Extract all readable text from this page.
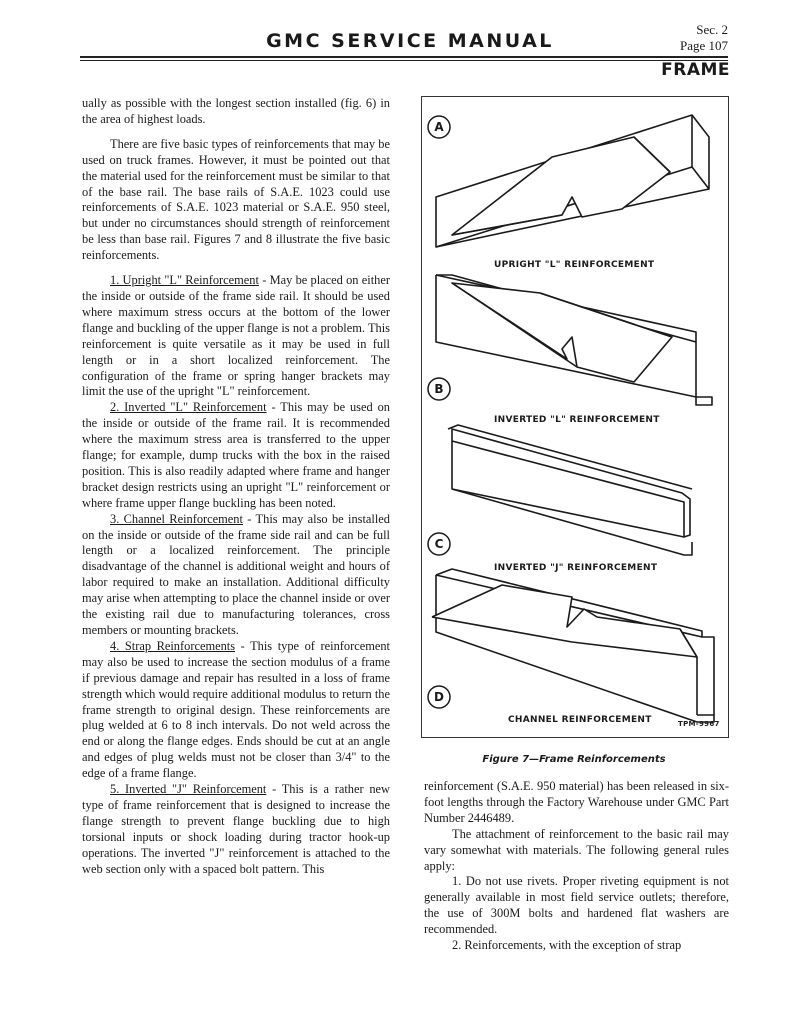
GMC SERVICE MANUAL
Sec. 2
Page 107
FRAME

ually as possible with the longest section installed (fig. 6) in the area of highest loads.

There are five basic types of reinforcements that may be used on truck frames. However, it must be pointed out that the material used for the reinforcement must be similar to that of the base rail. The base rails of S.A.E. 1023 could use reinforcements of S.A.E. 1023 material or S.A.E. 950 steel, but under no circumstances should strength of reinforcement be less than base rail. Figures 7 and 8 illustrate the five basic reinforcements.

1. Upright "L" Reinforcement - May be placed on either the inside or outside of the frame side rail. It should be used where maximum stress occurs at the bottom of the lower flange and buckling of the upper flange is not a problem. This reinforcement is quite versatile as it may be used in full length or in a short localized reinforcement. The configuration of the frame or spring hanger brackets may limit the use of the upright "L" reinforcement.

2. Inverted "L" Reinforcement - This may be used on the inside or outside of the frame rail. It is recommended where the maximum stress area is transferred to the upper flange; for example, dump trucks with the box in the raised position. This is also readily adapted where frame and hanger bracket design restricts using an upright "L" reinforcement or where frame upper flange buckling has been noted.

3. Channel Reinforcement - This may also be installed on the inside or outside of the frame side rail and can be full length or a localized reinforcement. The principle disadvantage of the channel is additional weight and hours of labor required to make an installation. Additional difficulty may arise when attempting to place the channel inside or over the existing rail due to manufacturing tolerances, cross members or mounting brackets.

4. Strap Reinforcements - This type of reinforcement may also be used to increase the section modulus of a frame if previous damage and repair has resulted in a loss of frame strength which would require additional modulus to return the frame strength to original design. These reinforcements are plug welded at 6 to 8 inch intervals. Do not weld across the end or along the flange edges. Ends should be cut at an angle and edges of plug welds must not be closer than 3/4" to the edge of a frame flange.

5. Inverted "J" Reinforcement - This is a rather new type of frame reinforcement that is designed to increase the flange strength to prevent flange buckling due to high torsional inputs or shock loading during tractor hook-up operations. The inverted "J" reinforcement is attached to the web section only with a spaced bolt pattern. This

A
B
C
D
UPRIGHT "L" REINFORCEMENT
INVERTED "L" REINFORCEMENT
INVERTED "J" REINFORCEMENT
CHANNEL REINFORCEMENT	TPM-9967
Figure 7—Frame Reinforcements

reinforcement (S.A.E. 950 material) has been released in six-foot lengths through the Factory Warehouse under GMC Part Number 2446489.

The attachment of reinforcement to the basic rail may vary somewhat with materials. The following general rules apply:

1. Do not use rivets. Proper riveting equipment is not generally available in most field service outlets; therefore, the use of 300M bolts and hardened flat washers are recommended.

2. Reinforcements, with the exception of strap
